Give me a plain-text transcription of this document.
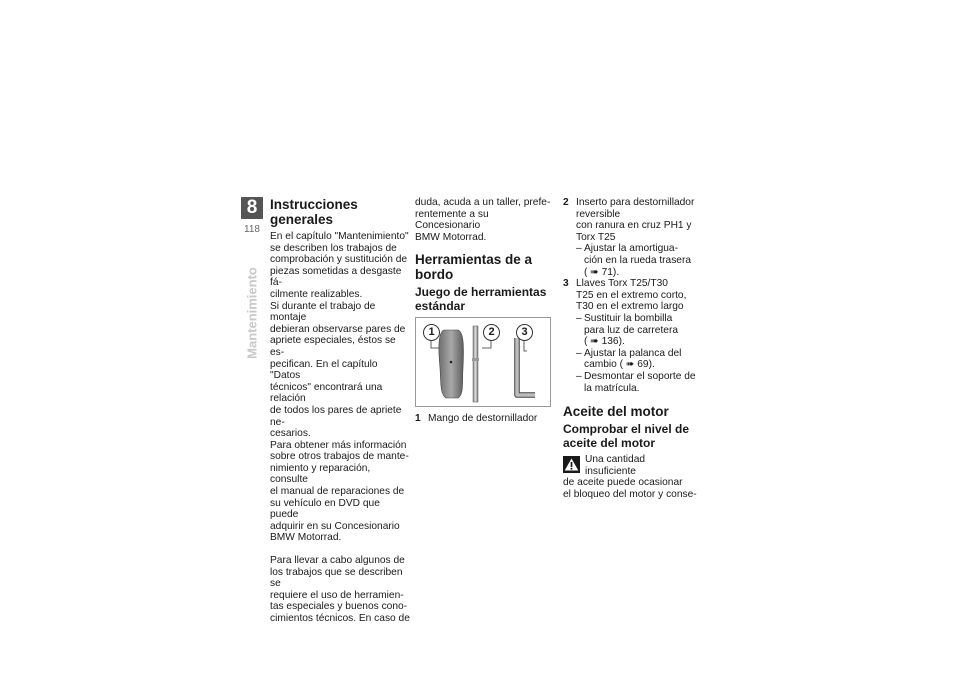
8
118
Mantenimiento
Instrucciones generales
En el capítulo "Mantenimiento"
se describen los trabajos de
comprobación y sustitución de
piezas sometidas a desgaste fá-
cilmente realizables.
Si durante el trabajo de montaje
debieran observarse pares de
apriete especiales, éstos se es-
pecifican. En el capítulo "Datos
técnicos" encontrará una relación
de todos los pares de apriete ne-
cesarios.
Para obtener más información
sobre otros trabajos de mante-
nimiento y reparación, consulte
el manual de reparaciones de
su vehículo en DVD que puede
adquirir en su Concesionario
BMW Motorrad.
Para llevar a cabo algunos de
los trabajos que se describen se
requiere el uso de herramien-
tas especiales y buenos cono-
cimientos técnicos. En caso de
duda, acuda a un taller, prefe-
rentemente a su Concesionario
BMW Motorrad.
Herramientas de a bordo
Juego de herramientas estándar
1	2	3
1 Mango de destornillador
2 Inserto para destornillador
reversible
con ranura en cruz PH1 y
Torx T25
– Ajustar la amortigua-
ción en la rueda trasera
( ➠ 71).
3 Llaves Torx T25/T30
T25 en el extremo corto,
T30 en el extremo largo
– Sustituir la bombilla
para luz de carretera
( ➠ 136).
– Ajustar la palanca del
cambio ( ➠ 69).
– Desmontar el soporte de
la matrícula.
Aceite del motor
Comprobar el nivel de aceite del motor
Una cantidad insuficiente
de aceite puede ocasionar
el bloqueo del motor y conse-
